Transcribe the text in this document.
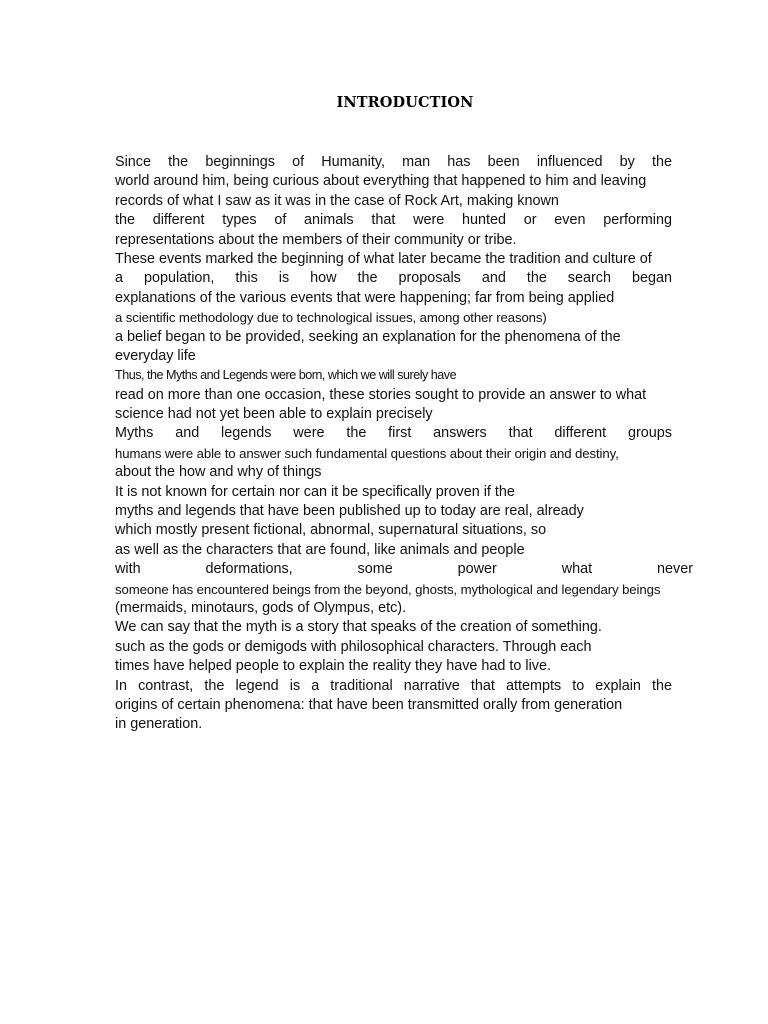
INTRODUCTION
Since the beginnings of Humanity, man has been influenced by the
world around him, being curious about everything that happened to him and leaving
records of what I saw as it was in the case of Rock Art, making known
the different types of animals that were hunted or even performing
representations about the members of their community or tribe.
These events marked the beginning of what later became the tradition and culture of
a population, this is how the proposals and the search began
explanations of the various events that were happening; far from being applied
a scientific methodology due to technological issues, among other reasons)
a belief began to be provided, seeking an explanation for the phenomena of the
everyday life
Thus, the Myths and Legends were born, which we will surely have
read on more than one occasion, these stories sought to provide an answer to what
science had not yet been able to explain precisely
Myths and legends were the first answers that different groups
humans were able to answer such fundamental questions about their origin and destiny,
about the how and why of things
It is not known for certain nor can it be specifically proven if the
myths and legends that have been published up to today are real, already
which mostly present fictional, abnormal, supernatural situations, so
as well as the characters that are found, like animals and people
with deformations, some power what never
someone has encountered beings from the beyond, ghosts, mythological and legendary beings
(mermaids, minotaurs, gods of Olympus, etc).
We can say that the myth is a story that speaks of the creation of something.
such as the gods or demigods with philosophical characters. Through each
times have helped people to explain the reality they have had to live.
In contrast, the legend is a traditional narrative that attempts to explain the
origins of certain phenomena: that have been transmitted orally from generation
in generation.
